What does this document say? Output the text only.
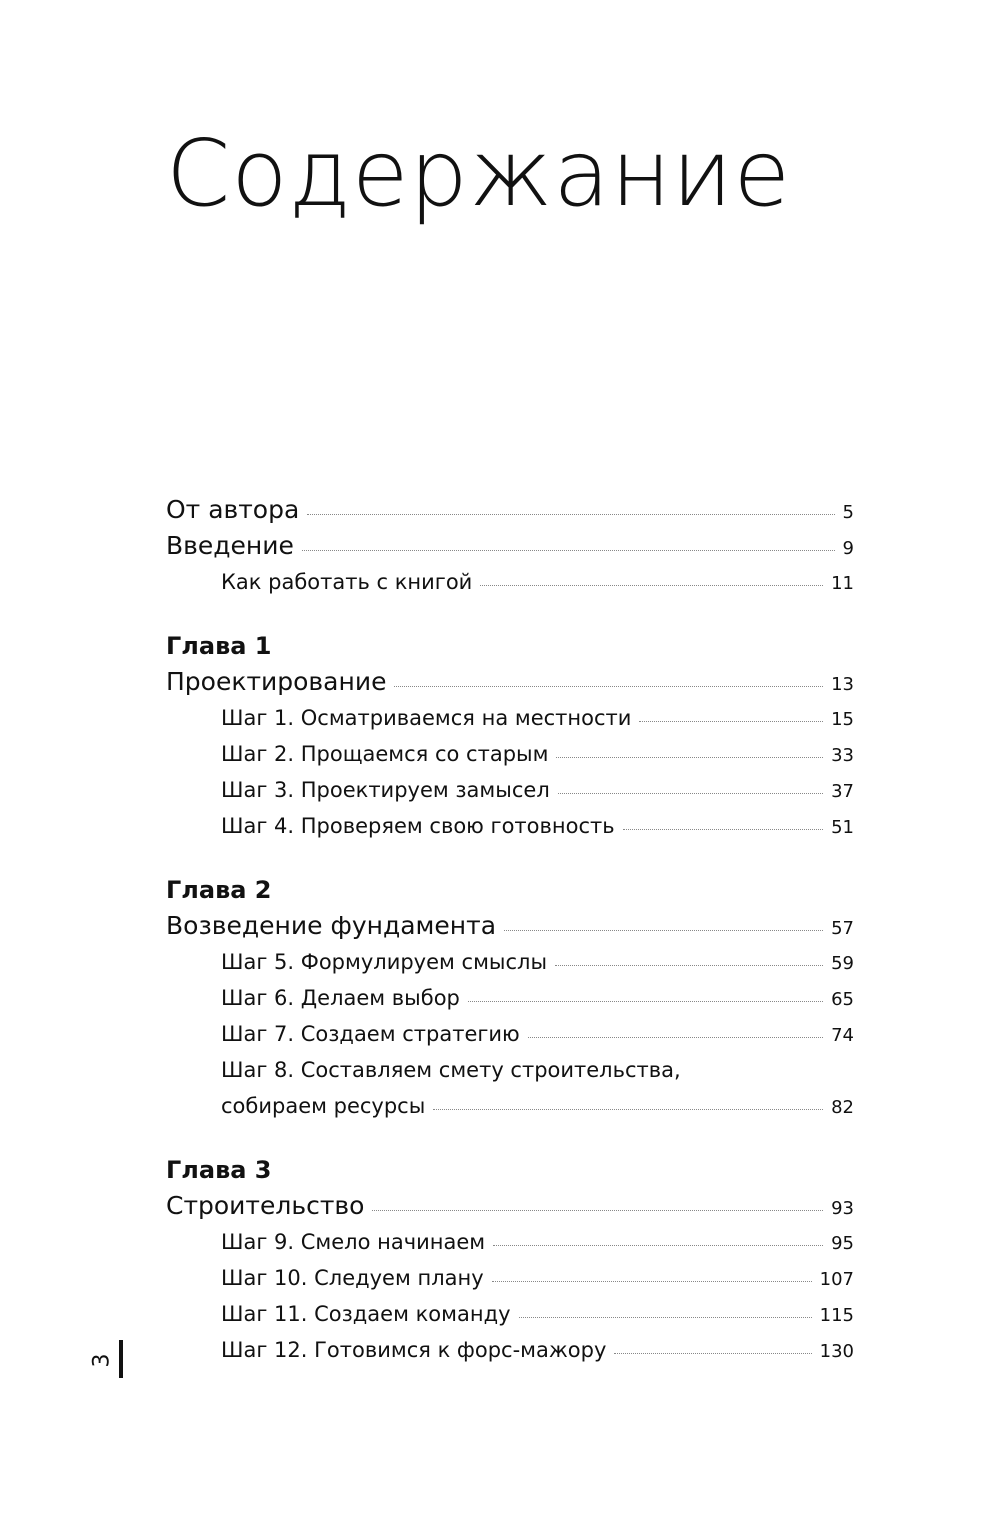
Содержание
От автора	5
Введение	9
Как работать с книгой	11
Глава 1
Проектирование	13
Шаг 1. Осматриваемся на местности	15
Шаг 2. Прощаемся со старым	33
Шаг 3. Проектируем замысел	37
Шаг 4. Проверяем свою готовность	51
Глава 2
Возведение фундамента	57
Шаг 5. Формулируем смыслы	59
Шаг 6. Делаем выбор	65
Шаг 7. Создаем стратегию	74
Шаг 8. Составляем смету строительства,
собираем ресурсы	82
Глава 3
Строительство	93
Шаг 9. Смело начинаем	95
Шаг 10. Следуем плану	107
Шаг 11. Создаем команду	115
Шаг 12. Готовимся к форс-мажору	130
3
